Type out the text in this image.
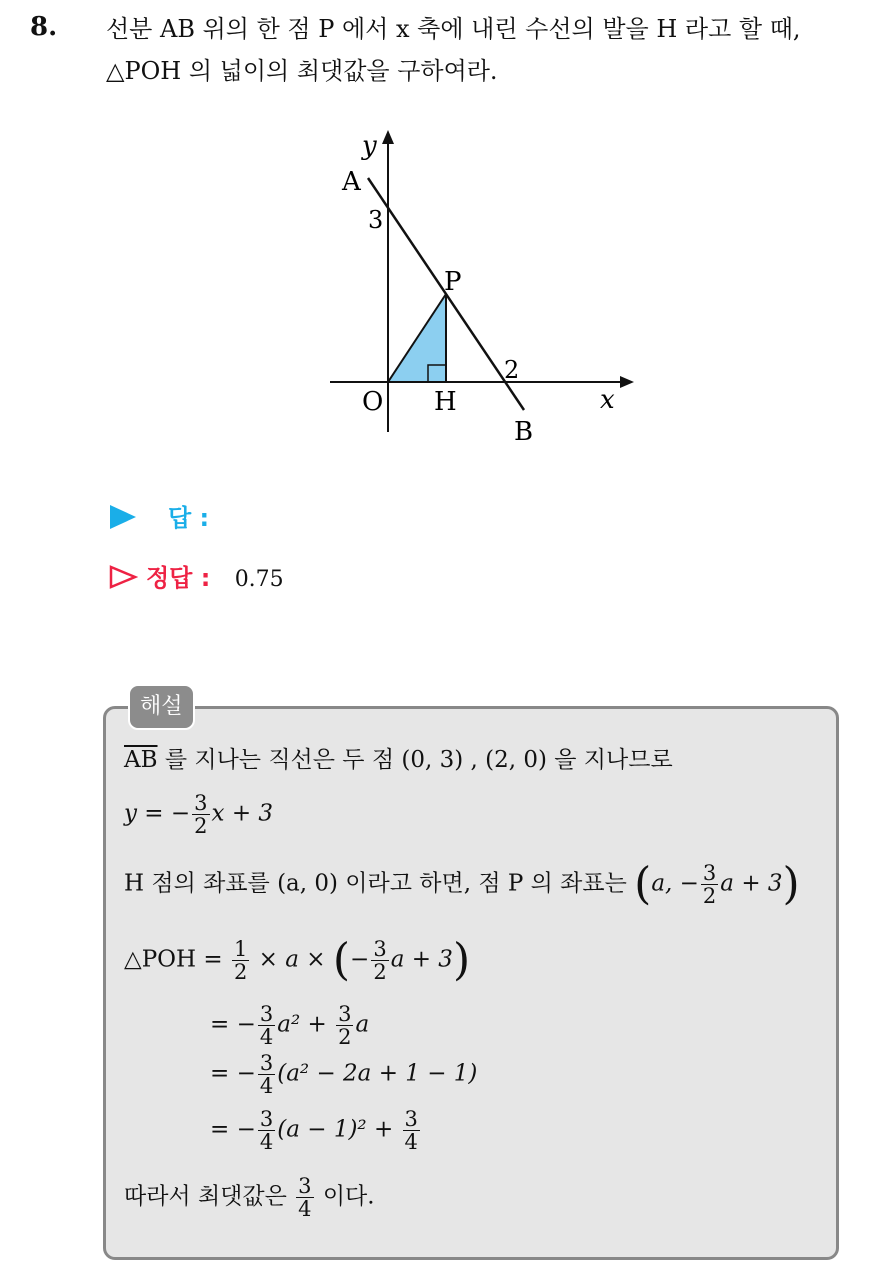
8. 선분 AB 위의 한 점 P 에서 x 축에 내린 수선의 발을 H 라고 할 때,
△POH 의 넓이의 최댓값을 구하여라.
y
x
A
3
P
2
O H
B
답 :
정답 : 0.75
해설
$\overline{AB}$ 를 지나는 직선은 두 점 (0, 3) , (2, 0) 을 지나므로
y = − $\frac{3}{2}$ x + 3
H 점의 좌표를 (a, 0) 이라고 하면, 점 P 의 좌표는 (a, − $\frac{3}{2}$ a + 3)
△POH = $\frac{1}{2} \times a$ × (− $\frac{3}{2}$ a + 3)
= − $\frac{3}{4} a^2 + \frac{3}{2}$ a
= − $\frac{3}{4} (a^2 - 2a + 1 - 1)$
= − $\frac{3}{4} (a - 1)^2 + \frac{3}{4}$
따라서 최댓값은 $\frac{3}{4}$ 이다.
